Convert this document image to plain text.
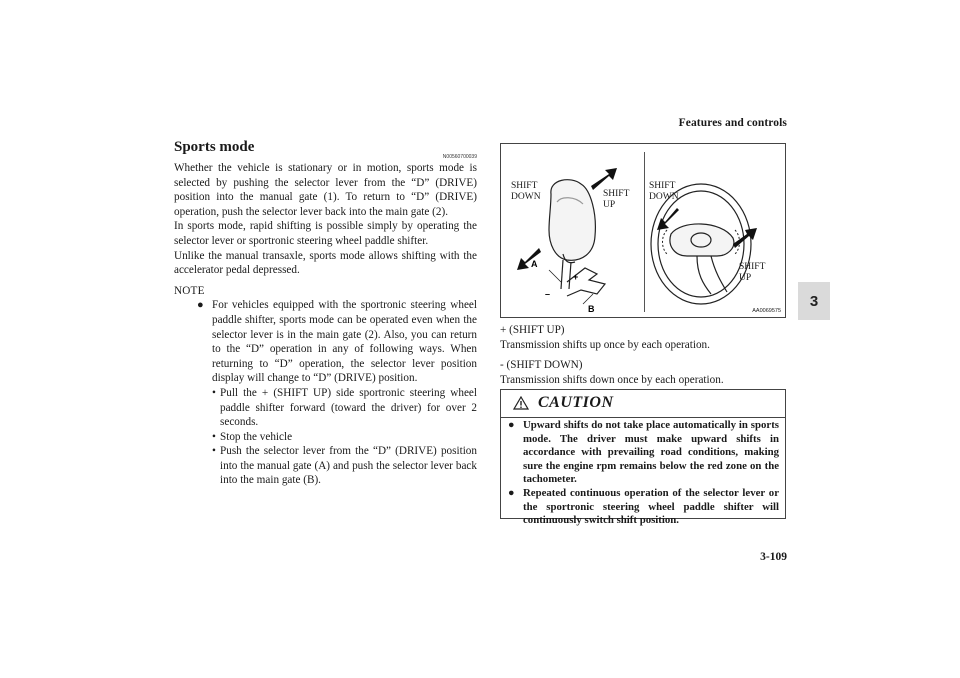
Features and controls
3
Sports mode
N00560700039

Whether the vehicle is stationary or in motion, sports mode is selected by pushing the selector lever from the “D” (DRIVE) position into the manual gate (1). To return to “D” (DRIVE) operation, push the selector lever back into the main gate (2).

In sports mode, rapid shifting is possible simply by operating the selector lever or sportronic steering wheel paddle shifter.

Unlike the manual transaxle, sports mode allows shifting with the accelerator pedal depressed.

NOTE
● For vehicles equipped with the sportronic steering wheel paddle shifter, sports mode can be operated even when the selector lever is in the main gate (2). Also, you can return to the “D” operation in any of following ways. When returning to “D” operation, the selector lever position display will change to “D” (DRIVE) position.
• Pull the + (SHIFT UP) side sportronic steering wheel paddle shifter forward (toward the driver) for over 2 seconds.
• Stop the vehicle
• Push the selector lever from the “D” (DRIVE) position into the manual gate (A) and push the selector lever back into the main gate (B).
A
B
+
–
SHIFT
DOWN	SHIFT
UP
SHIFT
DOWN
SHIFT
UP
AA0069575
+ (SHIFT UP)
Transmission shifts up once by each operation.
- (SHIFT DOWN)
Transmission shifts down once by each operation.
CAUTION
● Upward shifts do not take place automatically in sports mode. The driver must make upward shifts in accordance with prevailing road conditions, making sure the engine rpm remains below the red zone on the tachometer.
● Repeated continuous operation of the selector lever or the sportronic steering wheel paddle shifter will continuously switch shift position.
3-109
